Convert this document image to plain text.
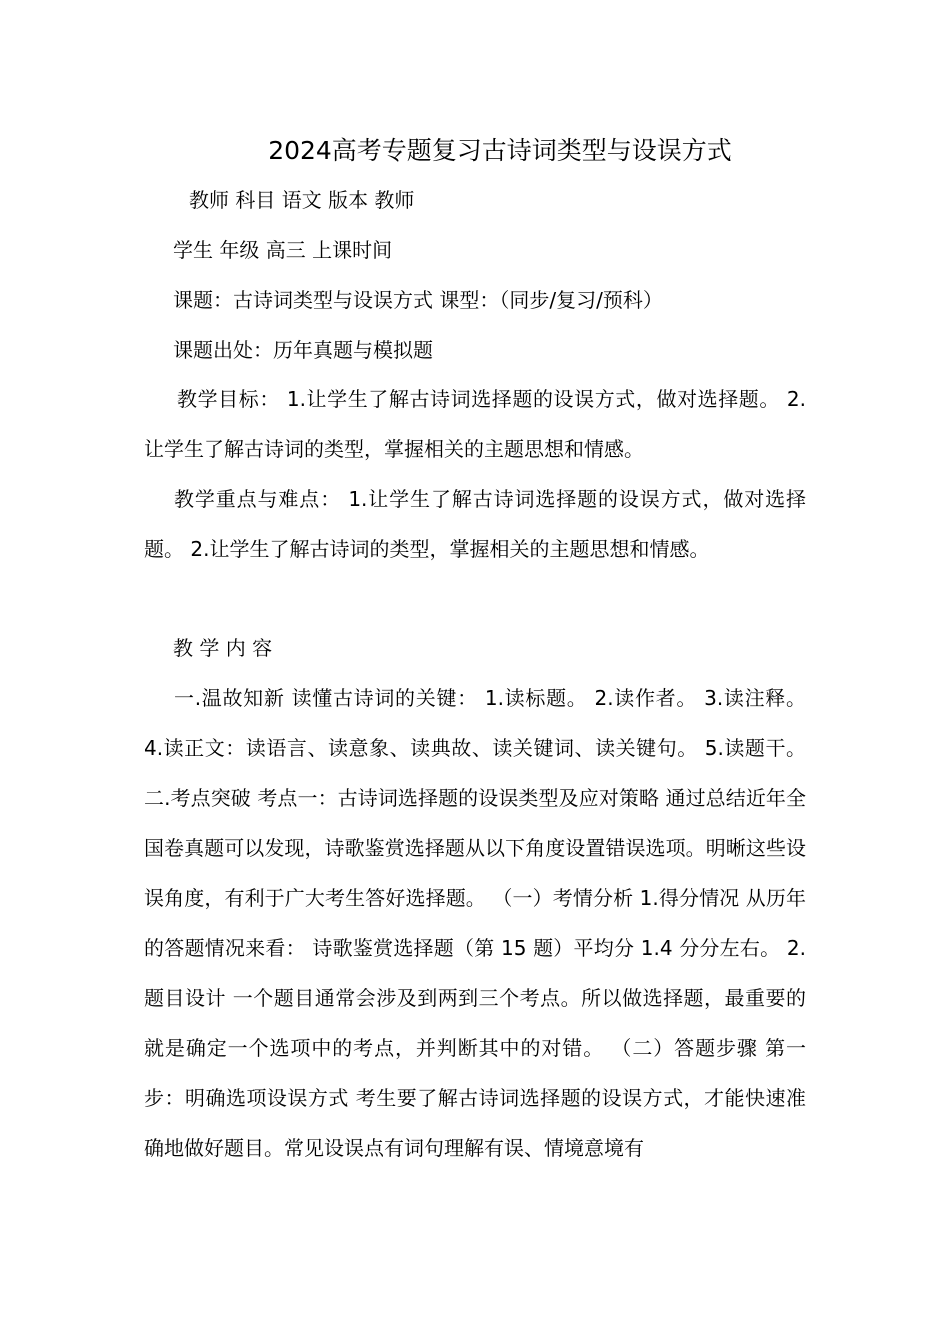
2024高考专题复习古诗词类型与设误方式
教师 科目 语文 版本 教师
学生 年级 高三 上课时间
课题：古诗词类型与设误方式 课型：（同步/复习/预科）
课题出处：历年真题与模拟题
教学目标： 1.让学生了解古诗词选择题的设误方式，做对选择题。 2.让学生了解古诗词的类型，掌握相关的主题思想和情感。
教学重点与难点： 1.让学生了解古诗词选择题的设误方式，做对选择题。 2.让学生了解古诗词的类型，掌握相关的主题思想和情感。
教 学 内 容
一.温故知新 读懂古诗词的关键： 1.读标题。 2.读作者。 3.读注释。 4.读正文：读语言、读意象、读典故、读关键词、读关键句。 5.读题干。 二.考点突破 考点一：古诗词选择题的设误类型及应对策略 通过总结近年全国卷真题可以发现，诗歌鉴赏选择题从以下角度设置错误选项。明晰这些设误角度，有利于广大考生答好选择题。 （一）考情分析 1.得分情况 从历年的答题情况来看： 诗歌鉴赏选择题（第 15 题）平均分 1.4 分分左右。 2.题目设计 一个题目通常会涉及到两到三个考点。所以做选择题，最重要的就是确定一个选项中的考点，并判断其中的对错。 （二）答题步骤 第一步：明确选项设误方式 考生要了解古诗词选择题的设误方式，才能快速准确地做好题目。常见设误点有词句理解有误、情境意境有
